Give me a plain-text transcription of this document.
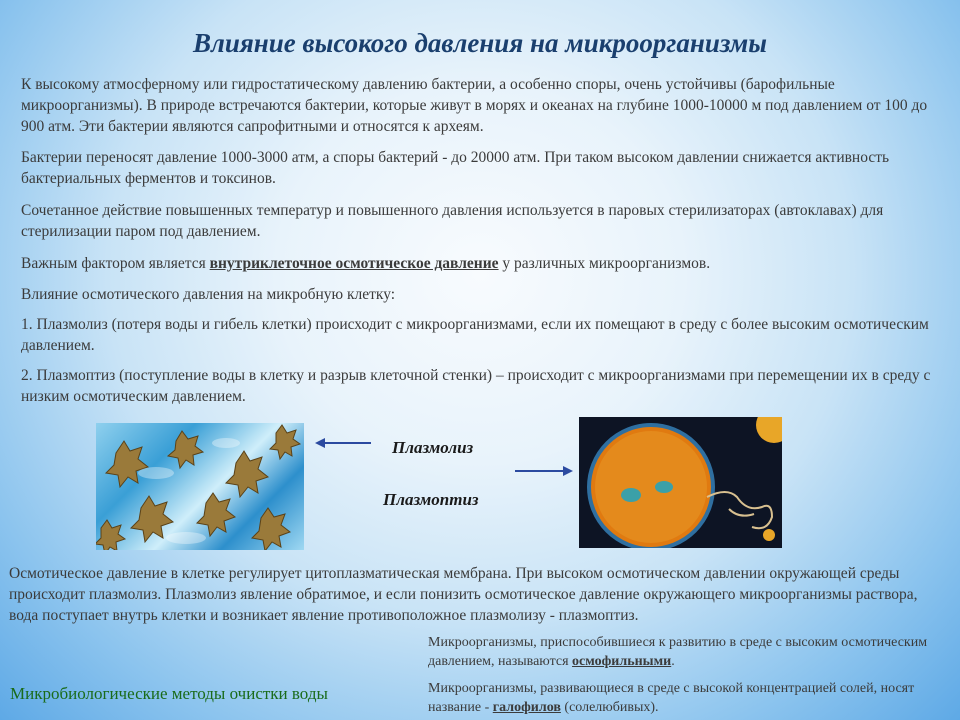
Влияние высокого давления на микроорганизмы
К высокому атмосферному или гидростатическому давлению бактерии, а особенно споры, очень устойчивы (барофильные микроорганизмы). В природе встречаются бактерии, которые живут в морях и океанах на глубине 1000-10000 м под давлением от 100 до 900 атм. Эти бактерии являются сапрофитными и относятся к археям.
Бактерии переносят давление 1000-3000 атм, а споры бактерий - до 20000 атм. При таком высоком давлении снижается активность бактериальных ферментов и токсинов.
Сочетанное действие повышенных температур и повышенного давления используется в паровых стерилизаторах (автоклавах) для стерилизации паром под давлением.
Важным фактором является внутриклеточное осмотическое давление у различных микроорганизмов.
Влияние осмотического давления на микробную клетку:
1. Плазмолиз (потеря воды и гибель клетки) происходит с микроорганизмами, если их помещают в среду с более высоким осмотическим давлением.
2. Плазмоптиз (поступление воды в клетку и разрыв клеточной стенки) – происходит с микроорганизмами при перемещении их в среду с низким осмотическим давлением.
Плазмолиз
Плазмоптиз
Осмотическое давление в клетке регулирует цитоплазматическая мембрана. При высоком осмотическом давлении окружающей среды происходит плазмолиз. Плазмолиз явление обратимое, и если понизить осмотическое давление окружающего микроорганизмы раствора, вода поступает внутрь клетки и возникает явление противоположное плазмолизу - плазмоптиз.
Микроорганизмы, приспособившиеся к развитию в среде с высоким осмотическим давлением, называются осмофильными.
Микроорганизмы, развивающиеся в среде с высокой концентрацией солей, носят название - галофилов (солелюбивых).
Микробиологические методы очистки воды
